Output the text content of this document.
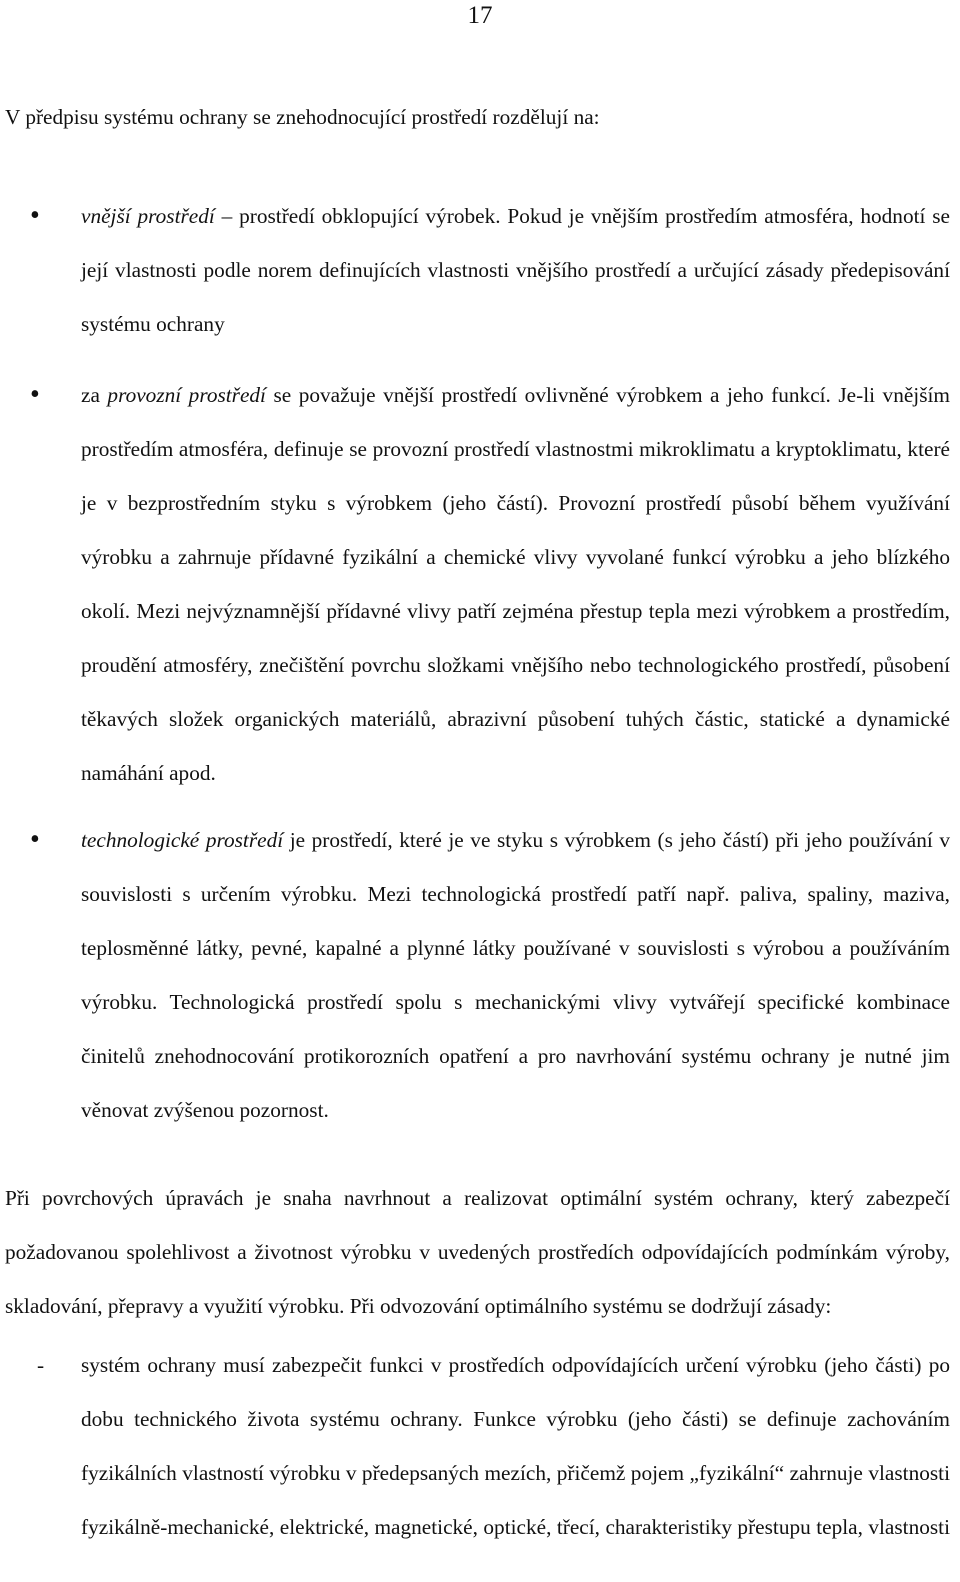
17

V předpisu systému ochrany se znehodnocující prostředí rozdělují na:

• vnější prostředí – prostředí obklopující výrobek. Pokud je vnějším prostředím atmosféra, hodnotí se její vlastnosti podle norem definujících vlastnosti vnějšího prostředí a určující zásady předepisování systému ochrany

• za provozní prostředí se považuje vnější prostředí ovlivněné výrobkem a jeho funkcí. Je-li vnějším prostředím atmosféra, definuje se provozní prostředí vlastnostmi mikroklimatu a kryptoklimatu, které je v bezprostředním styku s výrobkem (jeho částí). Provozní prostředí působí během využívání výrobku a zahrnuje přídavné fyzikální a chemické vlivy vyvolané funkcí výrobku a jeho blízkého okolí. Mezi nejvýznamnější přídavné vlivy patří zejména přestup tepla mezi výrobkem a prostředím, proudění atmosféry, znečištění povrchu složkami vnějšího nebo technologického prostředí, působení těkavých složek organických materiálů, abrazivní působení tuhých částic, statické a dynamické namáhání apod.

• technologické prostředí je prostředí, které je ve styku s výrobkem (s jeho částí) při jeho používání v souvislosti s určením výrobku. Mezi technologická prostředí patří např. paliva, spaliny, maziva, teplosměnné látky, pevné, kapalné a plynné látky používané v souvislosti s výrobou a používáním výrobku. Technologická prostředí spolu s mechanickými vlivy vytvářejí specifické kombinace činitelů znehodnocování protikorozních opatření a pro navrhování systému ochrany je nutné jim věnovat zvýšenou pozornost.

Při povrchových úpravách je snaha navrhnout a realizovat optimální systém ochrany, který zabezpečí požadovanou spolehlivost a životnost výrobku v uvedených prostředích odpovídajících podmínkám výroby, skladování, přepravy a využití výrobku. Při odvozování optimálního systému se dodržují zásady:

- systém ochrany musí zabezpečit funkci v prostředích odpovídajících určení výrobku (jeho části) po dobu technického života systému ochrany. Funkce výrobku (jeho části) se definuje zachováním fyzikálních vlastností výrobku v předepsaných mezích, přičemž pojem „fyzikální“ zahrnuje vlastnosti fyzikálně-mechanické, elektrické, magnetické, optické, třecí, charakteristiky přestupu tepla, vlastnosti
